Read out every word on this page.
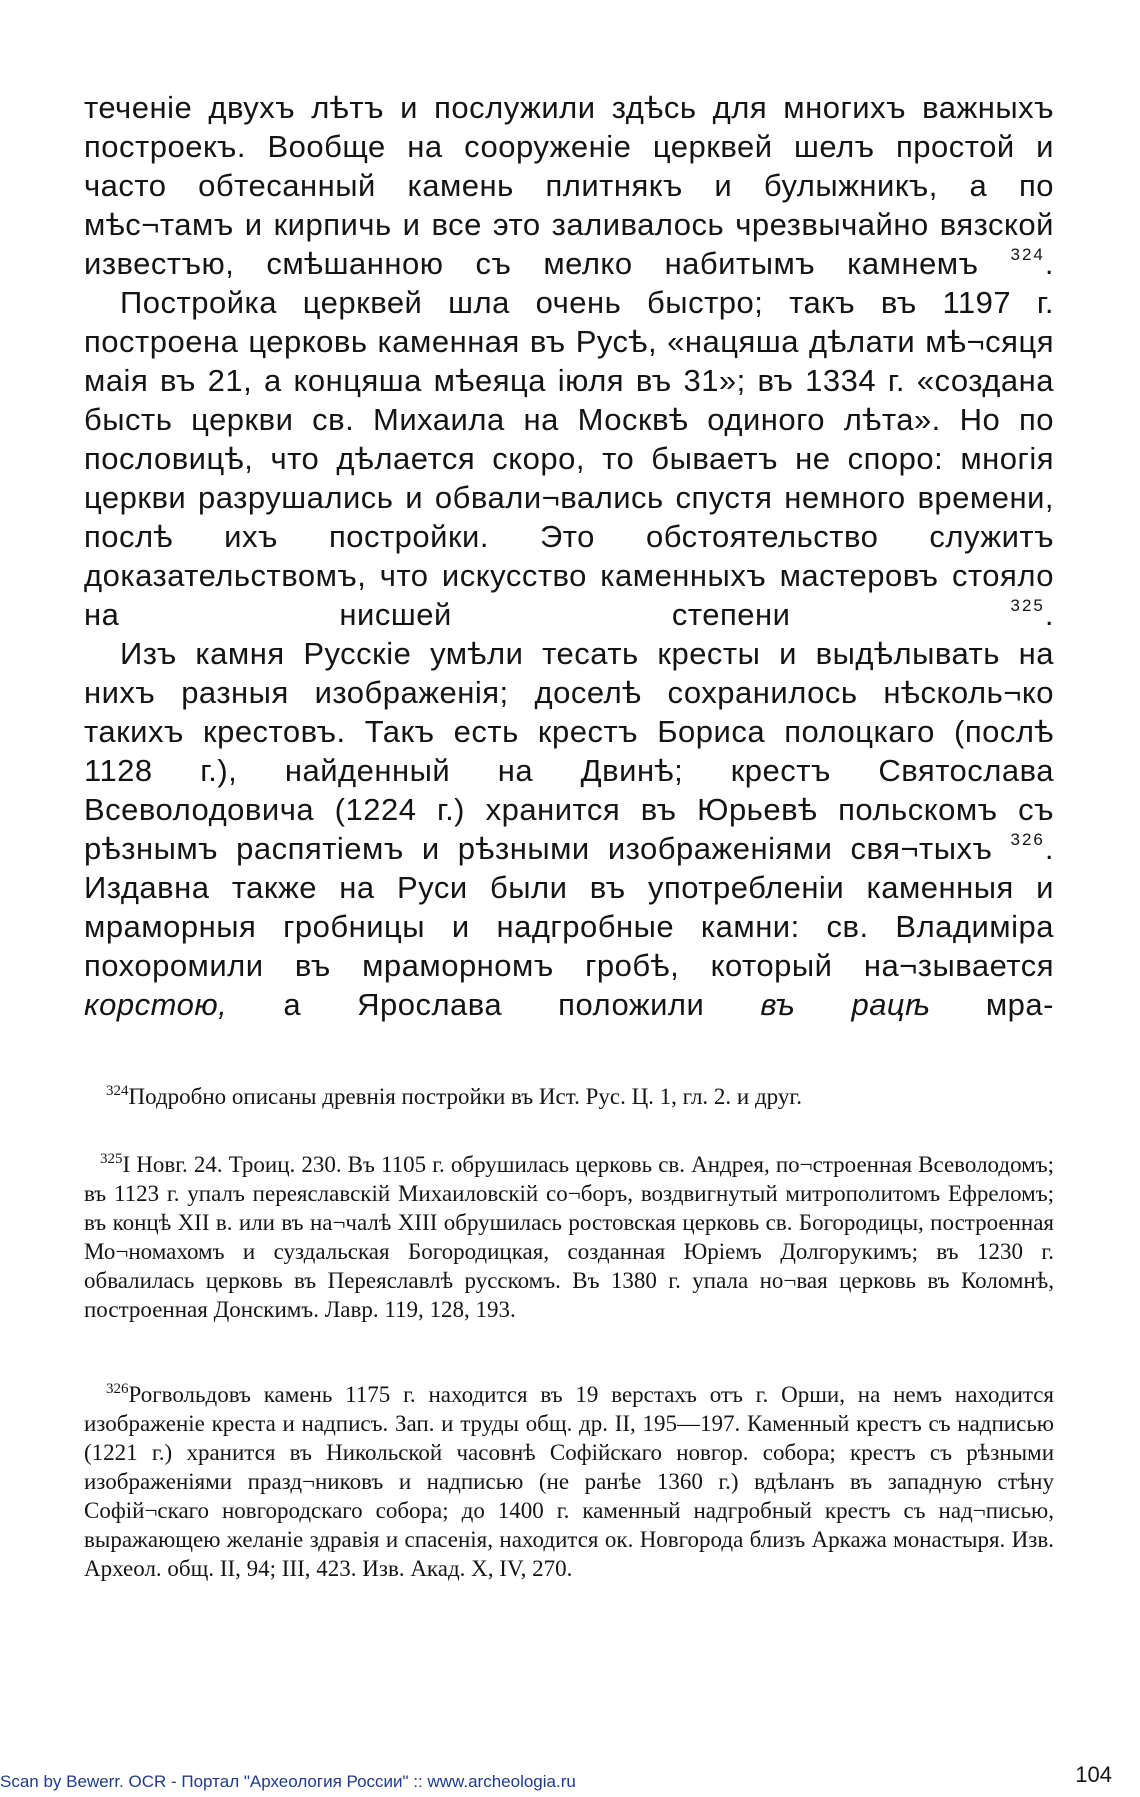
теченіе двухъ лѣтъ и послужили здѣсь для многихъ важныхъ построекъ. Вообще на сооруженіе церквей шелъ простой и часто обтесанный камень плитнякъ и булыжникъ, а по мѣс¬тамъ и кирпичь и все это заливалось чрезвычайно вязской известъю, смѣшанною съ мелко набитымъ камнемъ $^{324}$.

Постройка церквей шла очень быстро; такъ въ 1197 г. построена церковь каменная въ Русѣ, «нацяша дѣлати мѣ¬сяця маія въ 21, а концяша мѣеяца іюля въ 31»; въ 1334 г. «создана бысть церкви св. Михаила на Москвѣ одиного лѣта». Но по пословицѣ, что дѣлается скоро, то бываетъ не споро: многія церкви разрушались и обвали¬вались спустя немного времени, послѣ ихъ постройки. Это обстоятельство служитъ доказательствомъ, что искусство каменныхъ мастеровъ стояло на нисшей степени	$^{325}$.

Изъ камня Русскіе умѣли тесать кресты и выдѣлывать на нихъ разныя изображенія; доселѣ сохранилось нѣсколь¬ко такихъ крестовъ. Такъ есть крестъ Бориса полоцкаго (послѣ 1128 г.), найденный на Двинѣ; крестъ Святослава Всеволодовича (1224 г.) хранится въ Юрьевѣ польскомъ съ рѣзнымъ распятіемъ и рѣзными изображеніями свя¬тыхъ $^{326}$. Издавна также на Руси были въ употребленіи каменныя и мраморныя гробницы и надгробные камни: св. Владиміра похоромили въ мраморномъ гробѣ, который на¬зывается корстою, а Ярослава положили въ рацѣ мра-

$^{324}$Подробно описаны древнія постройки въ Ист. Рус. Ц. 1, гл. 2. и друг.

$^{325}$I Новг. 24. Троиц. 230. Въ 1105 г. обрушилась церковь св. Андрея, по¬строенная Всеволодомъ; въ 1123 г. упалъ переяславскій Михаиловскій со¬боръ, воздвигнутый митрополитомъ Ефреломъ; въ концѣ XII в. или въ на¬чалѣ XIII обрушилась ростовская церковь св. Богородицы, построенная Мо¬номахомъ и суздальская Богородицкая, созданная Юріемъ Долгорукимъ; въ 1230 г. обвалилась церковь въ Переяславлѣ русскомъ. Въ 1380 г. упала но¬вая церковь въ Коломнѣ, построенная Донскимъ. Лавр. 119, 128, 193.

$^{326}$Рогвольдовъ камень 1175 г. находится въ 19 верстахъ отъ г. Орши, на немъ находится изображеніе креста и надписъ. Зап. и труды общ. др. II, 195—197. Каменный крестъ съ надписью (1221 г.) хранится въ Никольской часовнѣ Софійскаго новгор. собора; крестъ съ рѣзными изображеніями празд¬никовъ и надписью (не ранѣе 1360 г.) вдѣланъ въ западную стѣну Софій¬скаго новгородскаго собора; до 1400 г. каменный надгробный крестъ съ над¬писью, выражающею желаніе здравія и спасенія, находится ок. Новгорода близъ Аркажа монастыря. Изв. Археол. общ. II, 94; III, 423. Изв. Акад. X, IV, 270.

Scan by Bewerr. OCR - Портал "Археология России" :: www.archeologia.ru	104
